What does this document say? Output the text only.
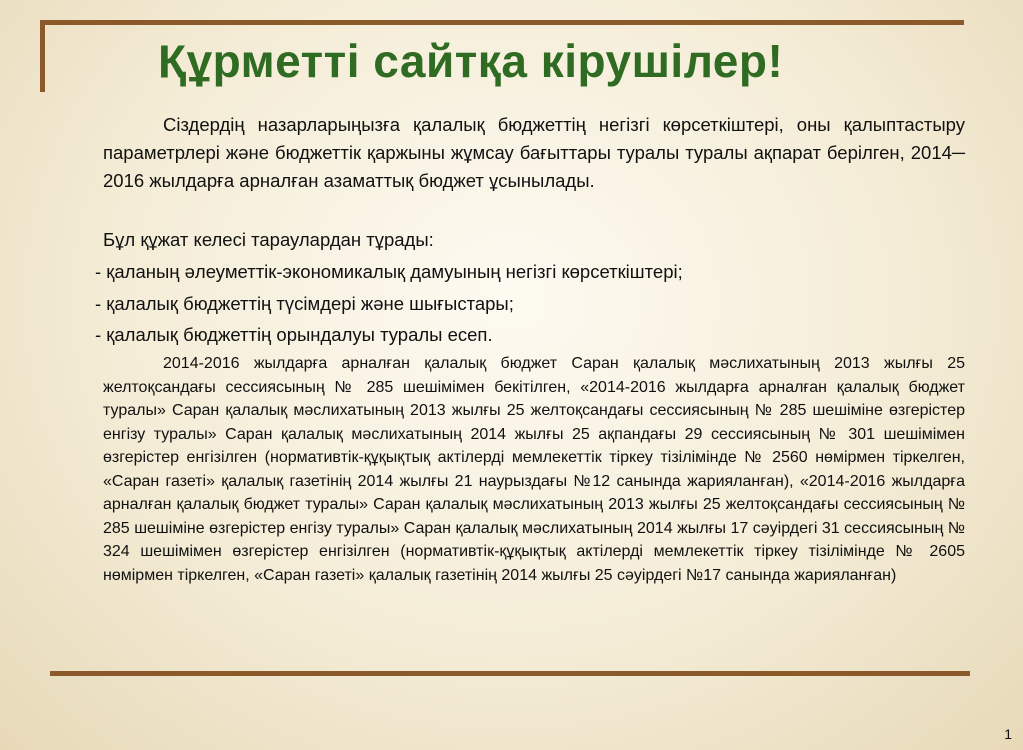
Құрметті сайтқа кірушілер!

Сіздердің назарларыңызға қалалық бюджеттің негізгі көрсеткіштері, оны қалыптастыру параметрлері және бюджеттік қаржыны жұмсау бағыттары туралы туралы ақпарат берілген, 2014─ 2016 жылдарға арналған азаматтық бюджет ұсынылады.

Бұл құжат келесі тараулардан тұрады:

- қаланың әлеуметтік-экономикалық дамуының негізгі көрсеткіштері;

- қалалық бюджеттің түсімдері және шығыстары;

- қалалық бюджеттің орындалуы туралы есеп.

2014-2016 жылдарға арналған қалалық бюджет Саран қалалық мәслихатының 2013 жылғы 25 желтоқсандағы сессиясының № 285 шешімімен бекітілген, «2014-2016 жылдарға арналған қалалық бюджет туралы» Саран қалалық мәслихатының 2013 жылғы 25 желтоқсандағы сессиясының № 285 шешіміне өзгерістер енгізу туралы» Саран қалалық мәслихатының 2014 жылғы 25 ақпандағы 29 сессиясының № 301 шешімімен өзгерістер енгізілген (нормативтік-құқықтық актілерді мемлекеттік тіркеу тізілімінде № 2560 нөмірмен тіркелген, «Саран газеті» қалалық газетінің 2014 жылғы 21 наурыздағы №12 санында жарияланған), «2014-2016 жылдарға арналған қалалық бюджет туралы» Саран қалалық мәслихатының 2013 жылғы 25 желтоқсандағы сессиясының № 285 шешіміне өзгерістер енгізу туралы» Саран қалалық мәслихатының 2014 жылғы 17 сәуірдегі 31 сессиясының № 324 шешімімен өзгерістер енгізілген (нормативтік-құқықтық актілерді мемлекеттік тіркеу тізілімінде № 2605 нөмірмен тіркелген, «Саран газеті» қалалық газетінің 2014 жылғы 25 сәуірдегі №17 санында жарияланған)

1
